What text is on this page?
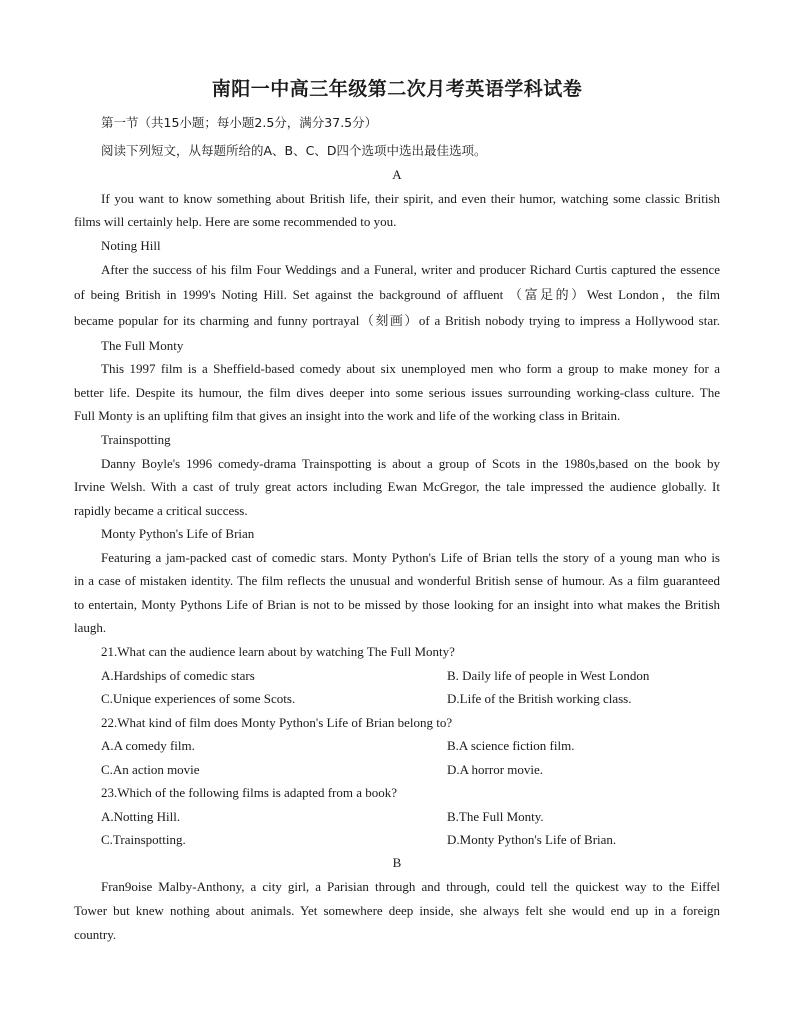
南阳一中高三年级第二次月考英语学科试卷
第一节（共15小题；每小题2.5分，满分37.5分）
阅读下列短文，从每题所给的A、B、C、D四个选项中选出最佳选项。
A
If you want to know something about British life, their spirit, and even their humor, watching some classic British
films will certainly help. Here are some recommended to you.
Noting Hill
After the success of his film Four Weddings and a Funeral, writer and producer Richard Curtis captured the essence
of being British in 1999's Noting Hill. Set against the background of affluent （富足的）West London，the film
became popular for its charming and funny portrayal（刻画）of a British nobody trying to impress a Hollywood star.
The Full Monty
This 1997 film is a Sheffield-based comedy about six unemployed men who form a group to make money for a
better life. Despite its humour, the film dives deeper into some serious issues surrounding working-class culture. The
Full Monty is an uplifting film that gives an insight into the work and life of the working class in Britain.
Trainspotting
Danny Boyle's 1996 comedy-drama Trainspotting is about a group of Scots in the 1980s,based on the book by
Irvine Welsh. With a cast of truly great actors including Ewan McGregor, the tale impressed the audience globally. It
rapidly became a critical success.
Monty Python's Life of Brian
Featuring a jam-packed cast of comedic stars. Monty Python's Life of Brian tells the story of a young man who is
in a case of mistaken identity. The film reflects the unusual and wonderful British sense of humour. As a film guaranteed
to entertain, Monty Pythons Life of Brian is not to be missed by those looking for an insight into what makes the British
laugh.
21.What can the audience learn about by watching The Full Monty?
A.Hardships of comedic stars	B. Daily life of people in West London
C.Unique experiences of some Scots.	D.Life of the British working class.
22.What kind of film does Monty Python's Life of Brian belong to?
A.A comedy film.	B.A science fiction film.
C.An action movie	D.A horror movie.
23.Which of the following films is adapted from a book?
A.Notting Hill.	B.The Full Monty.
C.Trainspotting.	D.Monty Python's Life of Brian.
B
Fran9oise Malby-Anthony, a city girl, a Parisian through and through, could tell the quickest way to the Eiffel
Tower but knew nothing about animals. Yet somewhere deep inside, she always felt she would end up in a foreign
country.
